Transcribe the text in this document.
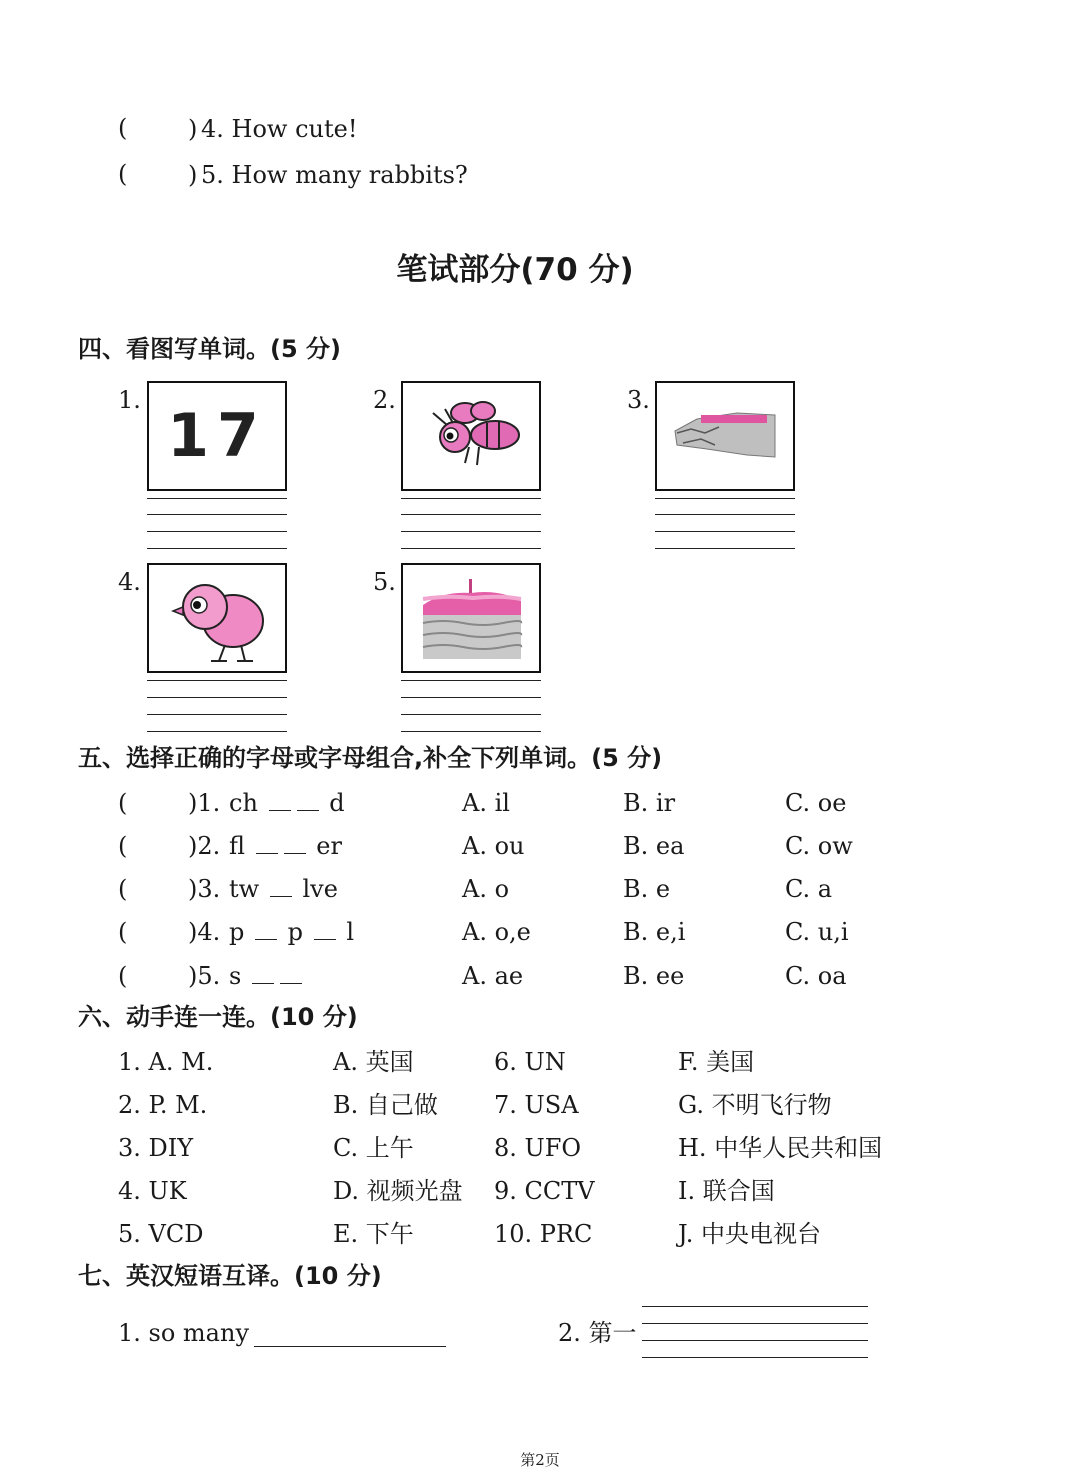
(	) 4. How cute!
(	) 5. How many rabbits?
笔试部分(70 分)
四、看图写单词。(5 分)
1.
17
2.	3.
4.	5.
五、选择正确的字母或字母组合,补全下列单词。(5 分)
(	)1. ch	d	A. il	B. ir	C. oe
(	)2. fl	er	A. ou	B. ea	C. ow
(	)3. tw lve	A. o	B. e	C. a
(	)4. p p l	A. o,e	B. e,i	C. u,i
(	)5. s	A. ae	B. ee	C. oa
六、动手连一连。(10 分)
1. A. M.	A. 英国	6. UN	F. 美国
2. P. M.	B. 自己做 7. USA	G. 不明飞行物
3. DIY	C. 上午	8. UFO	H. 中华人民共和国
4. UK	D. 视频光盘 9. CCTV	I. 联合国
5. VCD	E. 下午	10. PRC	J. 中央电视台
七、英汉短语互译。(10 分)
1. so many	2. 第一
第2页
